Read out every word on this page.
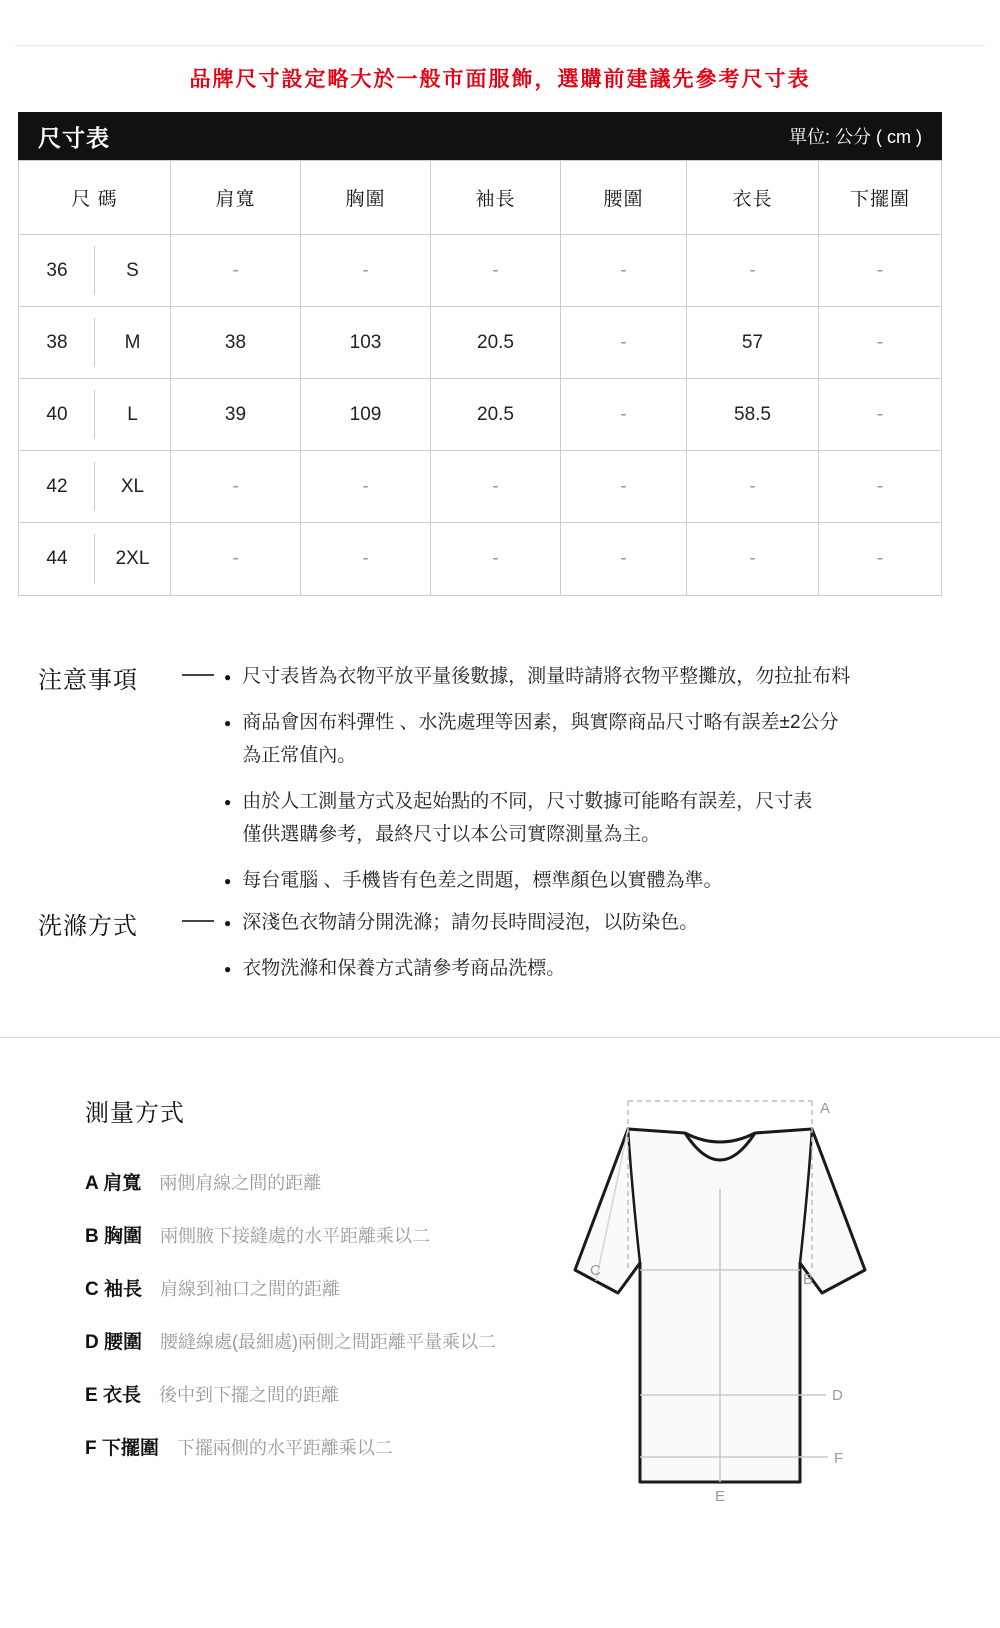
品牌尺寸設定略大於一般市面服飾，選購前建議先參考尺寸表
尺寸表	單位: 公分 ( cm )
尺 碼	肩寬	胸圍	袖長	腰圍	衣長	下擺圍
36	S	-	-	-	-	-	-
38	M	38	103	20.5	-	57	-
40	L	39	109	20.5	-	58.5	-
42	XL	-	-	-	-	-	-
44	2XL	-	-	-	-	-	-
注意事項	● 尺寸表皆為衣物平放平量後數據，測量時請將衣物平整攤放，勿拉扯布料
● 商品會因布料彈性 、水洗處理等因素，與實際商品尺寸略有誤差±2公分
為正常值內。
● 由於人工測量方式及起始點的不同，尺寸數據可能略有誤差，尺寸表
僅供選購參考，最終尺寸以本公司實際測量為主。
● 每台電腦 、手機皆有色差之問題，標準顏色以實體為準。
洗滌方式	● 深淺色衣物請分開洗滌；請勿長時間浸泡，以防染色。
● 衣物洗滌和保養方式請參考商品洗標。
測量方式
A 肩寬 兩側肩線之間的距離
B 胸圍 兩側腋下接縫處的水平距離乘以二
C 袖長 肩線到袖口之間的距離
D 腰圍 腰縫線處(最細處)兩側之間距離平量乘以二
E 衣長 後中到下擺之間的距離
F 下擺圍 下擺兩側的水平距離乘以二
A
B
C
D
E
F
